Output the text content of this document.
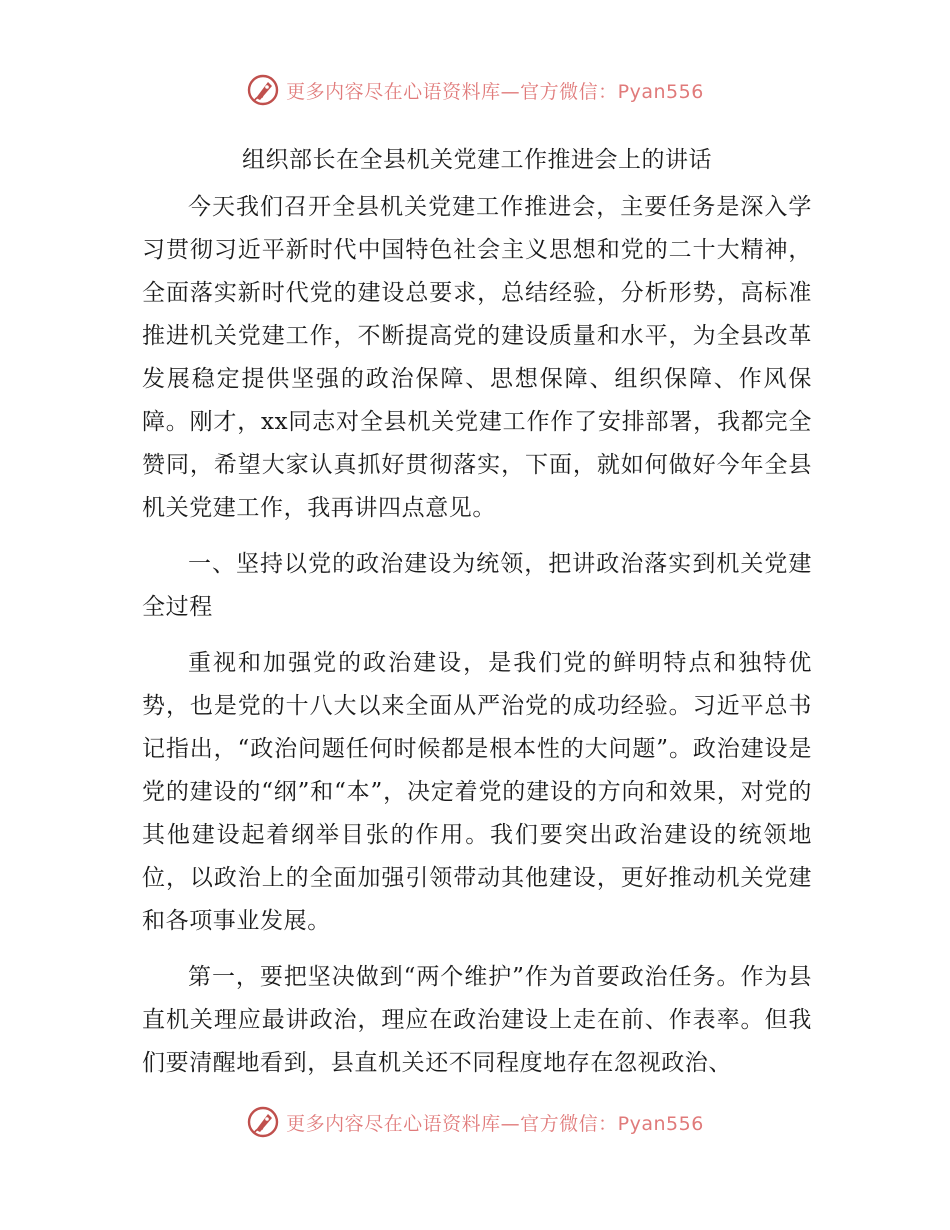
更多内容尽在心语资料库—官方微信：Pyan556
组织部长在全县机关党建工作推进会上的讲话

今天我们召开全县机关党建工作推进会，主要任务是深入学习贯彻习近平新时代中国特色社会主义思想和党的二十大精神，全面落实新时代党的建设总要求，总结经验，分析形势，高标准推进机关党建工作，不断提高党的建设质量和水平，为全县改革发展稳定提供坚强的政治保障、思想保障、组织保障、作风保障。刚才，xx同志对全县机关党建工作作了安排部署，我都完全赞同，希望大家认真抓好贯彻落实，下面，就如何做好今年全县机关党建工作，我再讲四点意见。

一、坚持以党的政治建设为统领，把讲政治落实到机关党建全过程

重视和加强党的政治建设，是我们党的鲜明特点和独特优势，也是党的十八大以来全面从严治党的成功经验。习近平总书记指出，“政治问题任何时候都是根本性的大问题”。政治建设是党的建设的“纲”和“本”，决定着党的建设的方向和效果，对党的其他建设起着纲举目张的作用。我们要突出政治建设的统领地位，以政治上的全面加强引领带动其他建设，更好推动机关党建和各项事业发展。

第一，要把坚决做到“两个维护”作为首要政治任务。作为县直机关理应最讲政治，理应在政治建设上走在前、作表率。但我们要清醒地看到，县直机关还不同程度地存在忽视政治、

更多内容尽在心语资料库—官方微信：Pyan556
